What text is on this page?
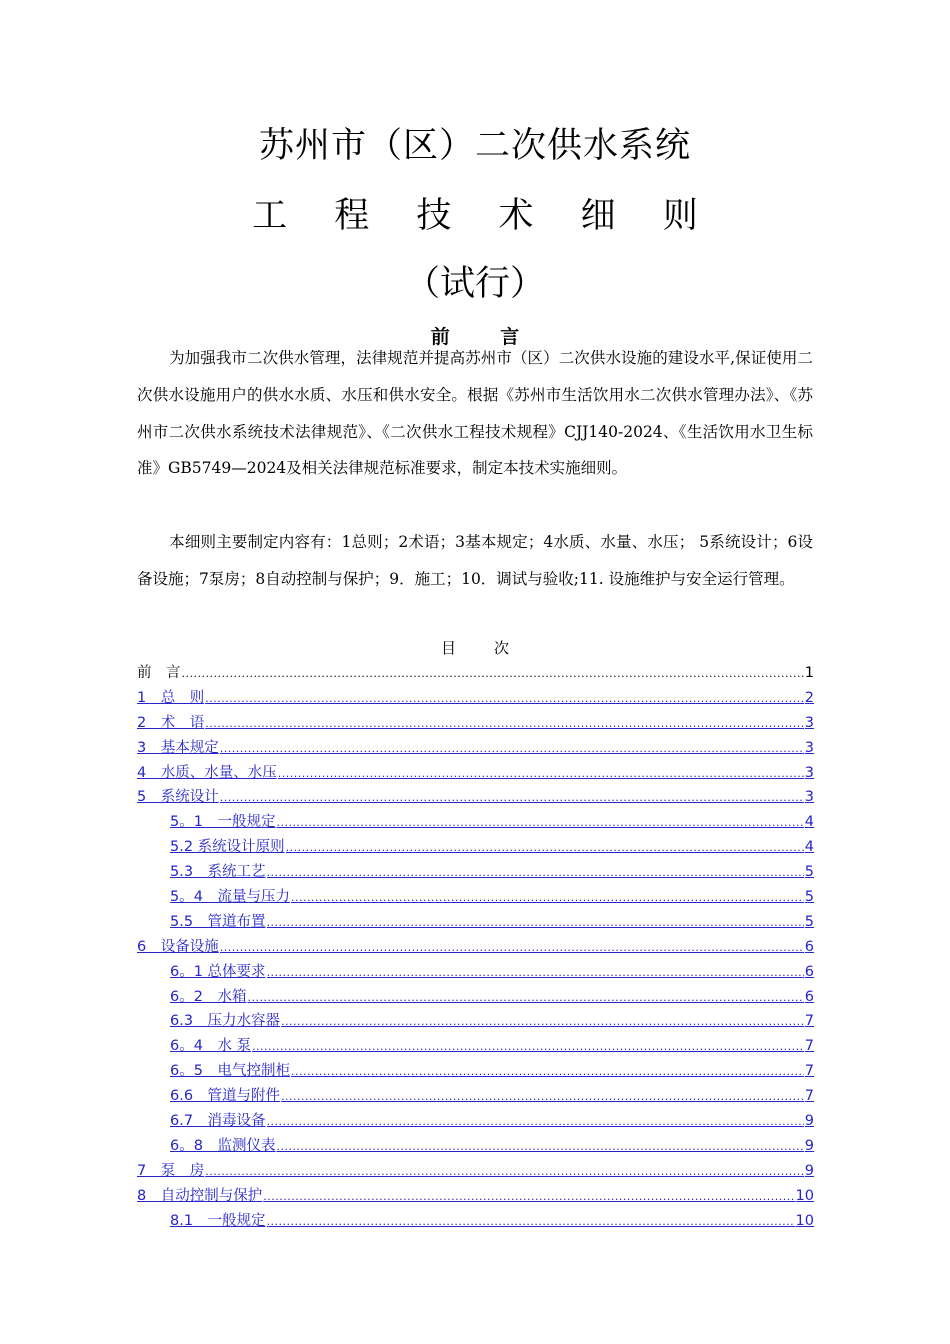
苏州市（区）二次供水系统
工 程 技 术 细 则
（试行）
前 言
为加强我市二次供水管理，法律规范并提高苏州市（区）二次供水设施的建设水平,保证使用二次供水设施用户的供水水质、水压和供水安全。根据《苏州市生活饮用水二次供水管理办法》、《苏州市二次供水系统技术法律规范》、《二次供水工程技术规程》CJJ140-2024、《生活饮用水卫生标准》GB5749—2024及相关法律规范标准要求，制定本技术实施细则。
本细则主要制定内容有：1总则；2术语；3基本规定；4水质、水量、水压； 5系统设计；6设备设施；7泵房；8自动控制与保护；9．施工；10．调试与验收;11. 设施维护与安全运行管理。
目	次
前　言 .....	1
1　总　则 .....	2
2　术　语 .....	3
3　基本规定 .....	3
4　水质、水量、水压 .....	3
5　系统设计 .....	3
5。1　一般规定 .....	4
5.2 系统设计原则 .....	4
5.3　系统工艺 .....	5
5。4　流量与压力 .....	5
5.5　管道布置 .....	5
6　设备设施 .....	6
6。1 总体要求 .....	6
6。2　水箱 .....	6
6.3　压力水容器 .....	7
6。4　水 泵 .....	7
6。5　电气控制柜 .....	7
6.6　管道与附件 .....	7
6.7　消毒设备 .....	9
6。8　监测仪表 .....	9
7　泵　房 .....	9
8　自动控制与保护 .....	10
8.1　一般规定 .....	10
